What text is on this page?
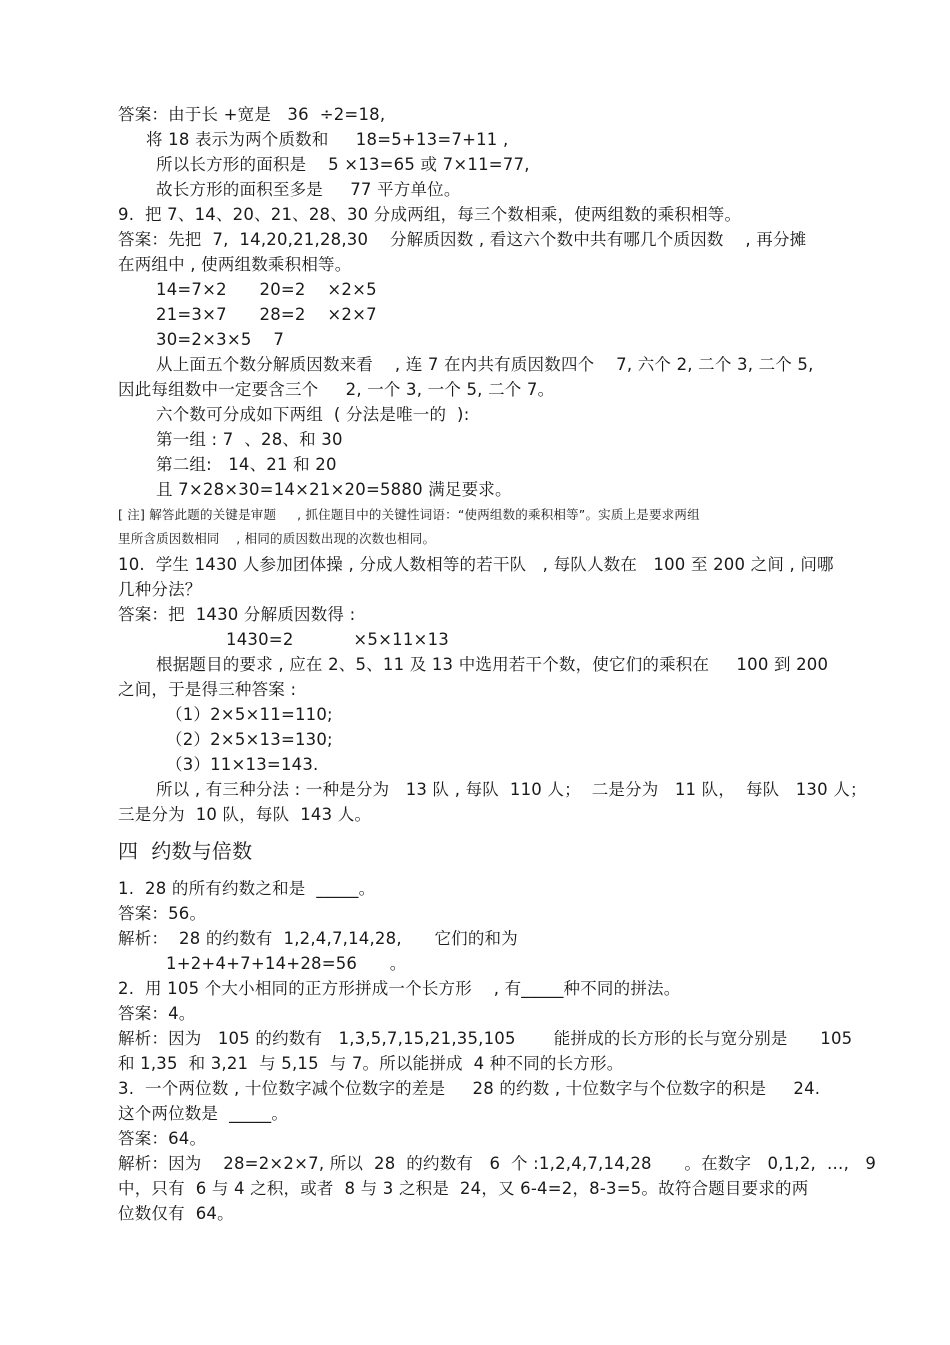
答案：由于长 +宽是   36  ÷2=18,
将 18 表示为两个质数和     18=5+13=7+11 ,
所以长方形的面积是    5 ×13=65 或 7×11=77,
故长方形的面积至多是     77 平方单位。
9.  把 7、14、20、21、28、30 分成两组，每三个数相乘，使两组数的乘积相等。
答案：先把  7,  14,20,21,28,30    分解质因数 , 看这六个数中共有哪几个质因数    , 再分摊
在两组中 , 使两组数乘积相等。
14=7×2      20=2    ×2×5
21=3×7      28=2    ×2×7
30=2×3×5    7
从上面五个数分解质因数来看    , 连 7 在内共有质因数四个    7, 六个 2, 二个 3, 二个 5,
因此每组数中一定要含三个     2, 一个 3, 一个 5, 二个 7。
六个数可分成如下两组  ( 分法是唯一的  ):
第一组 : 7  、28、和 30
第二组:   14、21 和 20
且 7×28×30=14×21×20=5880 满足要求。
[ 注] 解答此题的关键是审题     , 抓住题目中的关键性词语：“使两组数的乘积相等”。实质上是要求两组
里所含质因数相同    , 相同的质因数出现的次数也相同。
10.  学生 1430 人参加团体操 , 分成人数相等的若干队   , 每队人数在   100 至 200 之间 , 问哪
几种分法？
答案：把  1430 分解质因数得 :
1430=2           ×5×11×13
根据题目的要求 , 应在 2、5、11 及 13 中选用若干个数，使它们的乘积在     100 到 200
之间，于是得三种答案 :
（1）2×5×11=110;
（2）2×5×13=130;
（3）11×13=143.
所以 , 有三种分法 : 一种是分为   13 队 , 每队  110 人；  二是分为   11 队，  每队   130 人；
三是分为  10 队，每队  143 人。
四  约数与倍数
1.  28 的所有约数之和是  _____。
答案：56。
解析：  28 的约数有  1,2,4,7,14,28,      它们的和为
1+2+4+7+14+28=56      。
2.  用 105 个大小相同的正方形拼成一个长方形    , 有_____种不同的拼法。
答案：4。
解析：因为   105 的约数有   1,3,5,7,15,21,35,105       能拼成的长方形的长与宽分别是      105
和 1,35  和 3,21  与 5,15  与 7。所以能拼成  4 种不同的长方形。
3.  一个两位数 , 十位数字减个位数字的差是     28 的约数 , 十位数字与个位数字的积是     24.
这个两位数是  _____。
答案：64。
解析：因为    28=2×2×7, 所以  28  的约数有   6  个 :1,2,4,7,14,28      。在数字   0,1,2,  …,   9
中，只有  6 与 4 之积，或者  8 与 3 之积是  24，又 6-4=2，8-3=5。故符合题目要求的两
位数仅有  64。
